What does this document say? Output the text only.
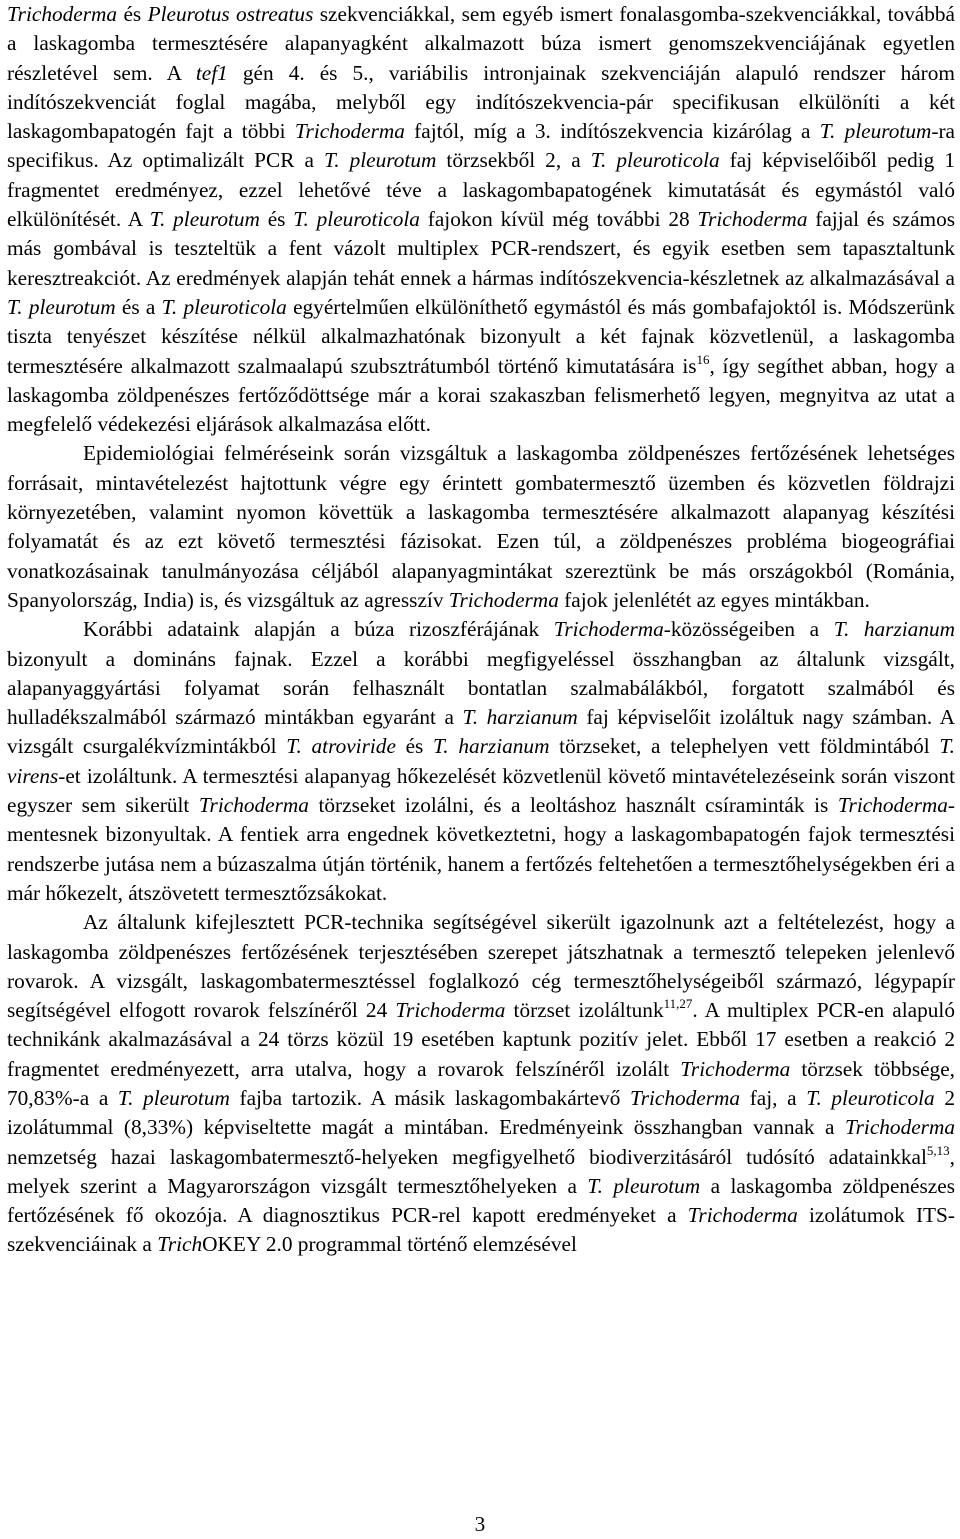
Trichoderma és Pleurotus ostreatus szekvenciákkal, sem egyéb ismert fonalasgomba-szekvenciákkal, továbbá a laskagomba termesztésére alapanyagként alkalmazott búza ismert genomszekvenciájának egyetlen részletével sem. A tef1 gén 4. és 5., variábilis intronjainak szekvenciáján alapuló rendszer három indítószekvenciát foglal magába, melyből egy indítószekvencia-pár specifikusan elkülöníti a két laskagombapatogén fajt a többi Trichoderma fajtól, míg a 3. indítószekvencia kizárólag a T. pleurotum-ra specifikus. Az optimalizált PCR a T. pleurotum törzsekből 2, a T. pleuroticola faj képviselőiből pedig 1 fragmentet eredményez, ezzel lehetővé téve a laskagombapatogének kimutatását és egymástól való elkülönítését. A T. pleurotum és T. pleuroticola fajokon kívül még további 28 Trichoderma fajjal és számos más gombával is teszteltük a fent vázolt multiplex PCR-rendszert, és egyik esetben sem tapasztaltunk keresztreakciót. Az eredmények alapján tehát ennek a hármas indítószekvencia-készletnek az alkalmazásával a T. pleurotum és a T. pleuroticola egyértelműen elkülöníthető egymástól és más gombafajoktól is. Módszerünk tiszta tenyészet készítése nélkül alkalmazhatónak bizonyult a két fajnak közvetlenül, a laskagomba termesztésére alkalmazott szalmaalapú szubsztrátumból történő kimutatására $is^{16}$, így segíthet abban, hogy a laskagomba zöldpenészes fertőződöttsége már a korai szakaszban felismerhető legyen, megnyitva az utat a megfelelő védekezési eljárások alkalmazása előtt.

Epidemiológiai felméréseink során vizsgáltuk a laskagomba zöldpenészes fertőzésének lehetséges forrásait, mintavételezést hajtottunk végre egy érintett gombatermesztő üzemben és közvetlen földrajzi környezetében, valamint nyomon követtük a laskagomba termesztésére alkalmazott alapanyag készítési folyamatát és az ezt követő termesztési fázisokat. Ezen túl, a zöldpenészes probléma biogeográfiai vonatkozásainak tanulmányozása céljából alapanyagmintákat szereztünk be más országokból (Románia, Spanyolország, India) is, és vizsgáltuk az agresszív Trichoderma fajok jelenlétét az egyes mintákban.

Korábbi adataink alapján a búza rizoszférájának Trichoderma-közösségeiben a T. harzianum bizonyult a domináns fajnak. Ezzel a korábbi megfigyeléssel összhangban az általunk vizsgált, alapanyaggyártási folyamat során felhasznált bontatlan szalmabálákból, forgatott szalmából és hulladékszalmából származó mintákban egyaránt a T. harzianum faj képviselőit izoláltuk nagy számban. A vizsgált csurgalékvízmintákból T. atroviride és T. harzianum törzseket, a telephelyen vett földmintából T. virens-et izoláltunk. A termesztési alapanyag hőkezelését közvetlenül követő mintavételezéseink során viszont egyszer sem sikerült Trichoderma törzseket izolálni, és a leoltáshoz használt csíraminták is Trichoderma-mentesnek bizonyultak. A fentiek arra engednek következtetni, hogy a laskagombapatogén fajok termesztési rendszerbe jutása nem a búzaszalma útján történik, hanem a fertőzés feltehetően a termesztőhelységekben éri a már hőkezelt, átszövetett termesztőzsákokat.

Az általunk kifejlesztett PCR-technika segítségével sikerült igazolnunk azt a feltételezést, hogy a laskagomba zöldpenészes fertőzésének terjesztésében szerepet játszhatnak a termesztő telepeken jelenlevő rovarok. A vizsgált, laskagombatermesztéssel foglalkozó cég termesztőhelységeiből származó, légypapír segítségével elfogott rovarok felszínéről 24 Trichoderma törzset izoláltunk$^{11,27}$. A multiplex PCR-en alapuló technikánk akalmazásával a 24 törzs közül 19 esetében kaptunk pozitív jelet. Ebből 17 esetben a reakció 2 fragmentet eredményezett, arra utalva, hogy a rovarok felszínéről izolált Trichoderma törzsek többsége, 70,83%-a a T. pleurotum fajba tartozik. A másik laskagombakártevő Trichoderma faj, a T. pleuroticola 2 izolátummal (8,33%) képviseltette magát a mintában. Eredményeink összhangban vannak a Trichoderma nemzetség hazai laskagombatermesztő-helyeken megfigyelhető biodiverzitásáról tudósító adatainkkal$^{5,13}$, melyek szerint a Magyarországon vizsgált termesztőhelyeken a T. pleurotum a laskagomba zöldpenészes fertőzésének fő okozója. A diagnosztikus PCR-rel kapott eredményeket a Trichoderma izolátumok ITS-szekvenciáinak a TrichOKEY 2.0 programmal történő elemzésével

3
